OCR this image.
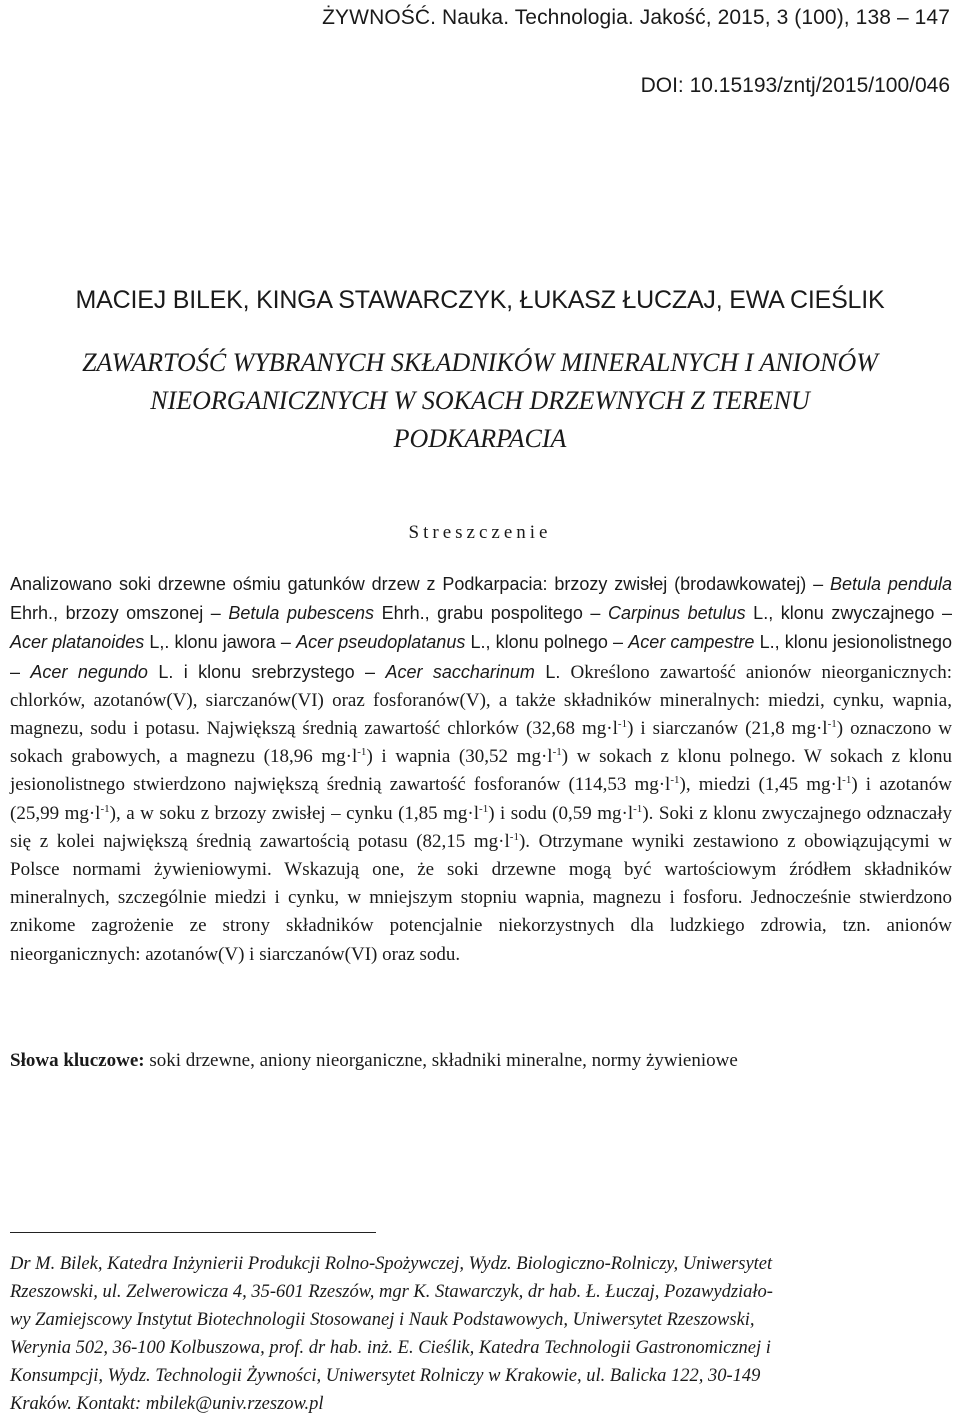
ŻYWNOŚĆ. Nauka. Technologia. Jakość, 2015, 3 (100), 138 – 147
DOI: 10.15193/zntj/2015/100/046
MACIEJ BILEK, KINGA STAWARCZYK, ŁUKASZ ŁUCZAJ, EWA CIEŚLIK
ZAWARTOŚĆ WYBRANYCH SKŁADNIKÓW MINERALNYCH I ANIONÓW
NIEORGANICZNYCH W SOKACH DRZEWNYCH Z TERENU
PODKARPACIA
Streszczenie
Analizowano soki drzewne ośmiu gatunków drzew z Podkarpacia: brzozy zwisłej (brodawkowatej) – Betula pendula Ehrh., brzozy omszonej – Betula pubescens Ehrh., grabu pospolitego – Carpinus betulus L., klonu zwyczajnego – Acer platanoides L,. klonu jawora – Acer pseudoplatanus L., klonu polnego – Acer campestre L., klonu jesionolistnego – Acer negundo L. i klonu srebrzystego – Acer saccharinum L. Określono zawartość anionów nieorganicznych: chlorków, azotanów(V), siarczanów(VI) oraz fosforanów(V), a także składników mineralnych: miedzi, cynku, wapnia, magnezu, sodu i potasu. Największą średnią zawartość chlorków (32,68 $mg\cdot l^{-1}$) i siarczanów (21,8 $mg\cdot l^{-1}$) oznaczono w sokach grabowych, a magnezu (18,96 $mg\cdot l^{-1}$) i wapnia (30,52 $mg\cdot l^{-1}$) w sokach z klonu polnego. W sokach z klonu jesionolistnego stwierdzono największą średnią zawartość fosforanów (114,53 $mg\cdot l^{-1}$), miedzi (1,45 $mg\cdot l^{-1}$) i azotanów (25,99 $mg\cdot l^{-1}$), a w soku z brzozy zwisłej – cynku (1,85 $mg\cdot l^{-1}$) i sodu (0,59 $mg\cdot l^{-1}$). Soki z klonu zwyczajnego odznaczały się z kolei największą średnią zawartością potasu (82,15 $mg\cdot l^{-1}$). Otrzymane wyniki zestawiono z obowiązującymi w Polsce normami żywieniowymi. Wskazują one, że soki drzewne mogą być wartościowym źródłem składników mineralnych, szczególnie miedzi i cynku, w mniejszym stopniu wapnia, magnezu i fosforu. Jednocześnie stwierdzono znikome zagrożenie ze strony składników potencjalnie niekorzystnych dla ludzkiego zdrowia, tzn. anionów nieorganicznych: azotanów(V) i siarczanów(VI) oraz sodu.
Słowa kluczowe: soki drzewne, aniony nieorganiczne, składniki mineralne, normy żywieniowe
Dr M. Bilek, Katedra Inżynierii Produkcji Rolno-Spożywczej, Wydz. Biologiczno-Rolniczy, Uniwersytet
Rzeszowski, ul. Zelwerowicza 4, 35-601 Rzeszów, mgr K. Stawarczyk, dr hab. Ł. Łuczaj, Pozawydziało-
wy Zamiejscowy Instytut Biotechnologii Stosowanej i Nauk Podstawowych, Uniwersytet Rzeszowski,
Werynia 502, 36-100 Kolbuszowa, prof. dr hab. inż. E. Cieślik, Katedra Technologii Gastronomicznej i
Konsumpcji, Wydz. Technologii Żywności, Uniwersytet Rolniczy w Krakowie, ul. Balicka 122, 30-149
Kraków. Kontakt: mbilek@univ.rzeszow.pl
